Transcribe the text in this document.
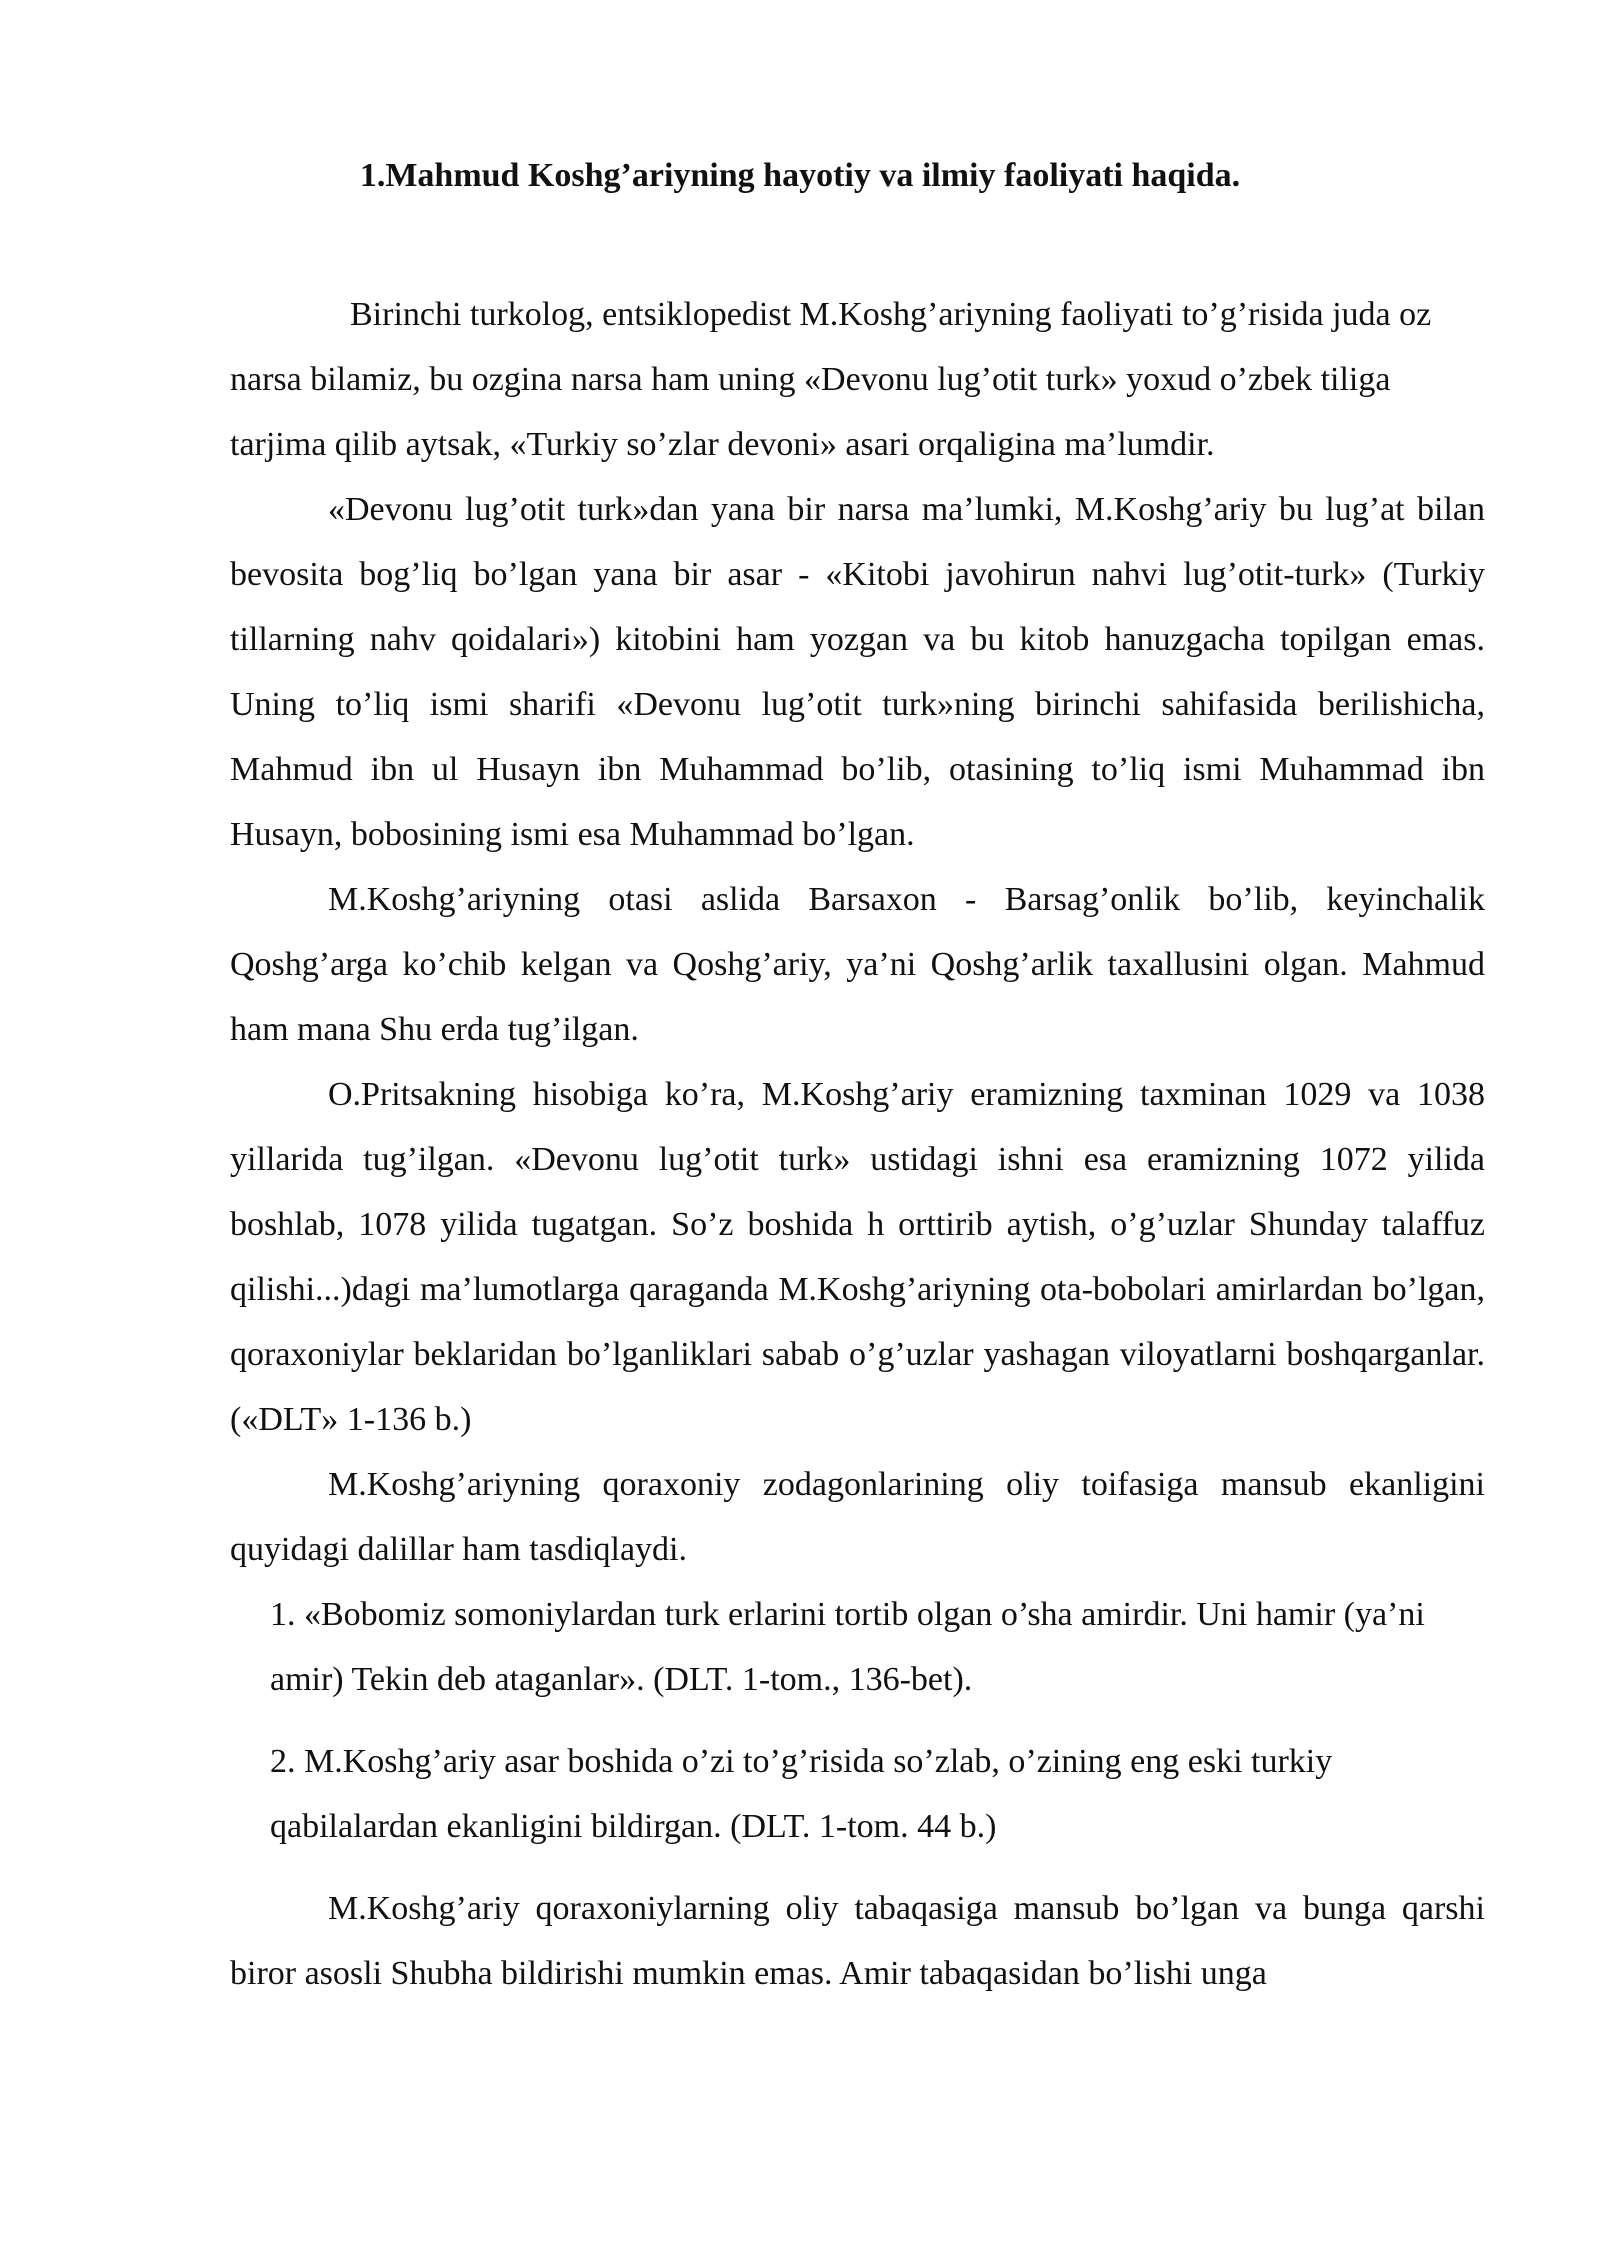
1.Mahmud Koshg’ariyning hayotiy va ilmiy faoliyati haqida.

Birinchi turkolog, entsiklopedist M.Koshg’ariyning faoliyati to’g’risida juda oz narsa bilamiz, bu ozgina narsa ham uning «Devonu lug’otit turk» yoxud o’zbek tiliga tarjima qilib aytsak, «Turkiy so’zlar devoni» asari orqaligina ma’lumdir.

«Devonu lug’otit turk»dan yana bir narsa ma’lumki, M.Koshg’ariy bu lug’at bilan bevosita bog’liq bo’lgan yana bir asar - «Kitobi javohirun nahvi lug’otit-turk» (Turkiy tillarning nahv qoidalari») kitobini ham yozgan va bu kitob hanuzgacha topilgan emas. Uning to’liq ismi sharifi «Devonu lug’otit turk»ning birinchi sahifasida berilishicha, Mahmud ibn ul Husayn ibn Muhammad bo’lib, otasining to’liq ismi Muhammad ibn Husayn, bobosining ismi esa Muhammad bo’lgan.

M.Koshg’ariyning otasi aslida Barsaxon - Barsag’onlik bo’lib, keyinchalik Qoshg’arga ko’chib kelgan va Qoshg’ariy, ya’ni Qoshg’arlik taxallusini olgan. Mahmud ham mana Shu erda tug’ilgan.

O.Pritsakning hisobiga ko’ra, M.Koshg’ariy eramizning taxminan 1029 va 1038 yillarida tug’ilgan. «Devonu lug’otit turk» ustidagi ishni esa eramizning 1072 yilida boshlab, 1078 yilida tugatgan. So’z boshida h orttirib aytish, o’g’uzlar Shunday talaffuz qilishi...)dagi ma’lumotlarga qaraganda M.Koshg’ariyning ota-bobolari amirlardan bo’lgan, qoraxoniylar beklaridan bo’lganliklari sabab o’g’uzlar yashagan viloyatlarni boshqarganlar. («DLT» 1-136 b.)

M.Koshg’ariyning qoraxoniy zodagonlarining oliy toifasiga mansub ekanligini quyidagi dalillar ham tasdiqlaydi.

1. «Bobomiz somoniylardan turk erlarini tortib olgan o’sha amirdir. Uni hamir (ya’ni amir) Tekin deb ataganlar». (DLT. 1-tom., 136-bet).
2. M.Koshg’ariy asar boshida o’zi to’g’risida so’zlab, o’zining eng eski turkiy qabilalardan ekanligini bildirgan. (DLT. 1-tom. 44 b.)

M.Koshg’ariy qoraxoniylarning oliy tabaqasiga mansub bo’lgan va bunga qarshi biror asosli Shubha bildirishi mumkin emas. Amir tabaqasidan bo’lishi unga
